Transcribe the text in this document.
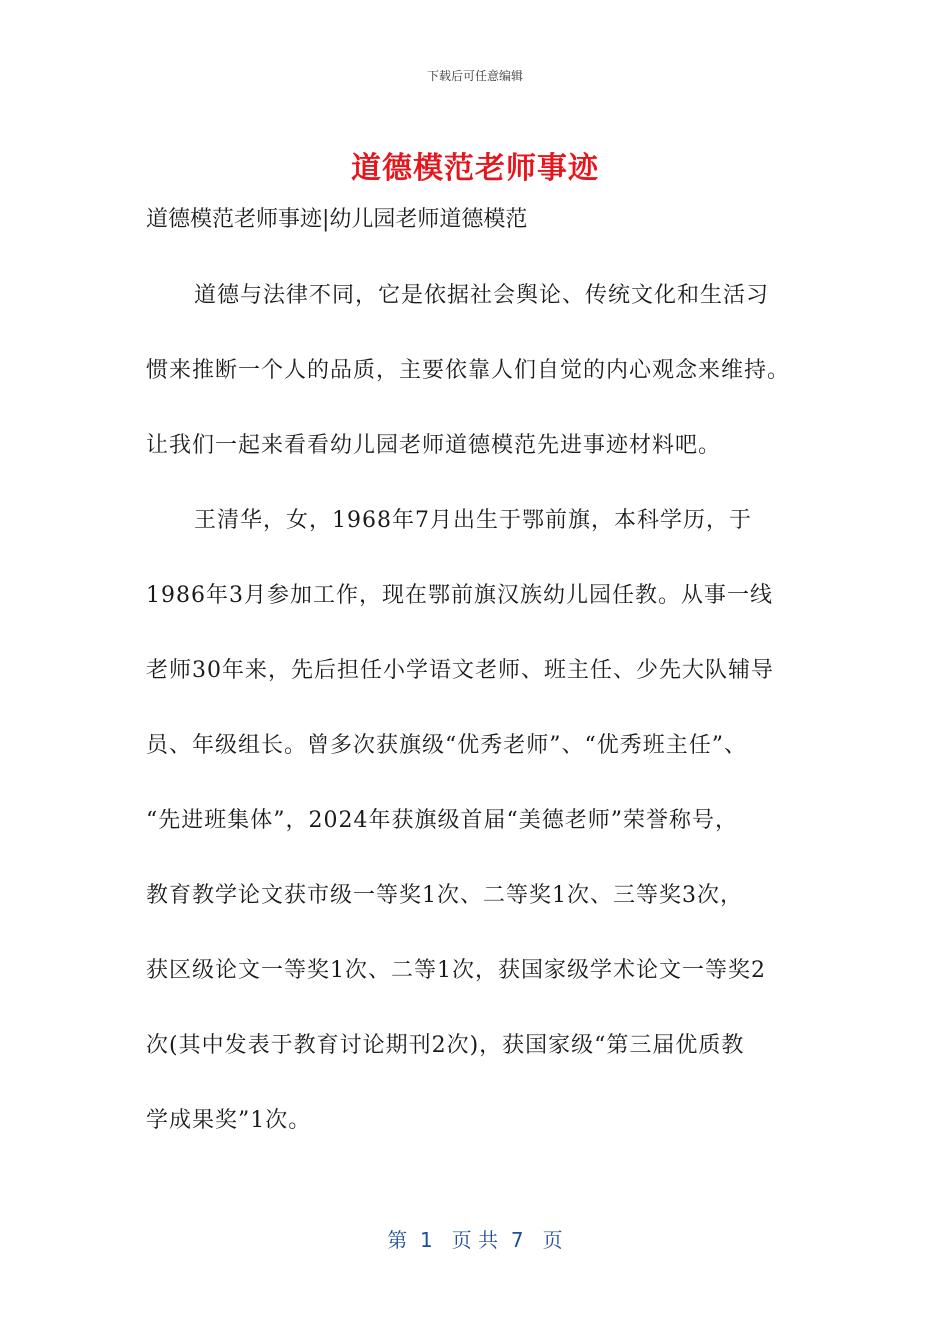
下载后可任意编辑
道德模范老师事迹
道德模范老师事迹|幼儿园老师道德模范
道德与法律不同，它是依据社会舆论、传统文化和生活习
惯来推断一个人的品质，主要依靠人们自觉的内心观念来维持。
让我们一起来看看幼儿园老师道德模范先进事迹材料吧。
王清华，女，1968年7月出生于鄂前旗，本科学历，于
1986年3月参加工作，现在鄂前旗汉族幼儿园任教。从事一线
老师30年来，先后担任小学语文老师、班主任、少先大队辅导
员、年级组长。曾多次获旗级“优秀老师”、“优秀班主任”、
“先进班集体”，2024年获旗级首届“美德老师”荣誉称号，
教育教学论文获市级一等奖1次、二等奖1次、三等奖3次，
获区级论文一等奖1次、二等1次，获国家级学术论文一等奖2
次(其中发表于教育讨论期刊2次)，获国家级“第三届优质教
学成果奖”1次。
第  1   页 共  7   页
